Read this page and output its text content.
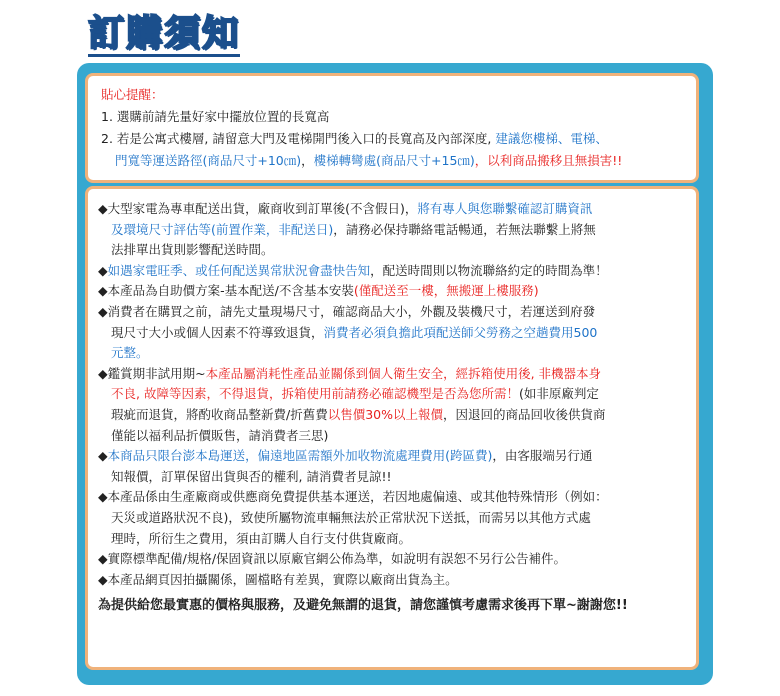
訂購須知
貼心提醒：
1. 選購前請先量好家中擺放位置的長寬高
2. 若是公寓式樓層, 請留意大門及電梯開門後入口的長寬高及內部深度, 建議您樓梯、電梯、
門寬等運送路徑(商品尺寸+10㎝)，樓梯轉彎處(商品尺寸+15㎝)，以利商品搬移且無損害!!
◆大型家電為專車配送出貨，廠商收到訂單後(不含假日)，將有專人與您聯繫確認訂購資訊
及環境尺寸評估等(前置作業，非配送日)，請務必保持聯絡電話暢通，若無法聯繫上將無
法排單出貨則影響配送時間。
◆如遇家電旺季、或任何配送異常狀況會盡快告知，配送時間則以物流聯絡約定的時間為準！
◆本產品為自助價方案-基本配送/不含基本安裝(僅配送至一樓，無搬運上樓服務)
◆消費者在購買之前，請先丈量現場尺寸，確認商品大小，外觀及裝機尺寸，若運送到府發
現尺寸大小或個人因素不符導致退貨，消費者必須負擔此項配送師父勞務之空趟費用500
元整。
◆鑑賞期非試用期~本產品屬消耗性產品並關係到個人衛生安全，經拆箱使用後, 非機器本身
不良, 故障等因素，不得退貨，拆箱使用前請務必確認機型是否為您所需！(如非原廠判定
瑕疵而退貨，將酌收商品整新費/折舊費以售價30%以上報價，因退回的商品回收後供貨商
僅能以福利品折價販售，請消費者三思)
◆本商品只限台澎本島運送，偏遠地區需額外加收物流處理費用(跨區費)，由客服端另行通
知報價，訂單保留出貨與否的權利, 請消費者見諒!!
◆本產品係由生產廠商或供應商免費提供基本運送，若因地處偏遠、或其他特殊情形（例如：
天災或道路狀況不良)，致使所屬物流車輛無法於正常狀況下送抵，而需另以其他方式處
理時，所衍生之費用，須由訂購人自行支付供貨廠商。
◆實際標準配備/規格/保固資訊以原廠官網公佈為準，如說明有誤恕不另行公告補件。
◆本產品網頁因拍攝關係，圖檔略有差異，實際以廠商出貨為主。
為提供給您最實惠的價格與服務，及避免無謂的退貨，請您謹慎考慮需求後再下單~謝謝您!!
